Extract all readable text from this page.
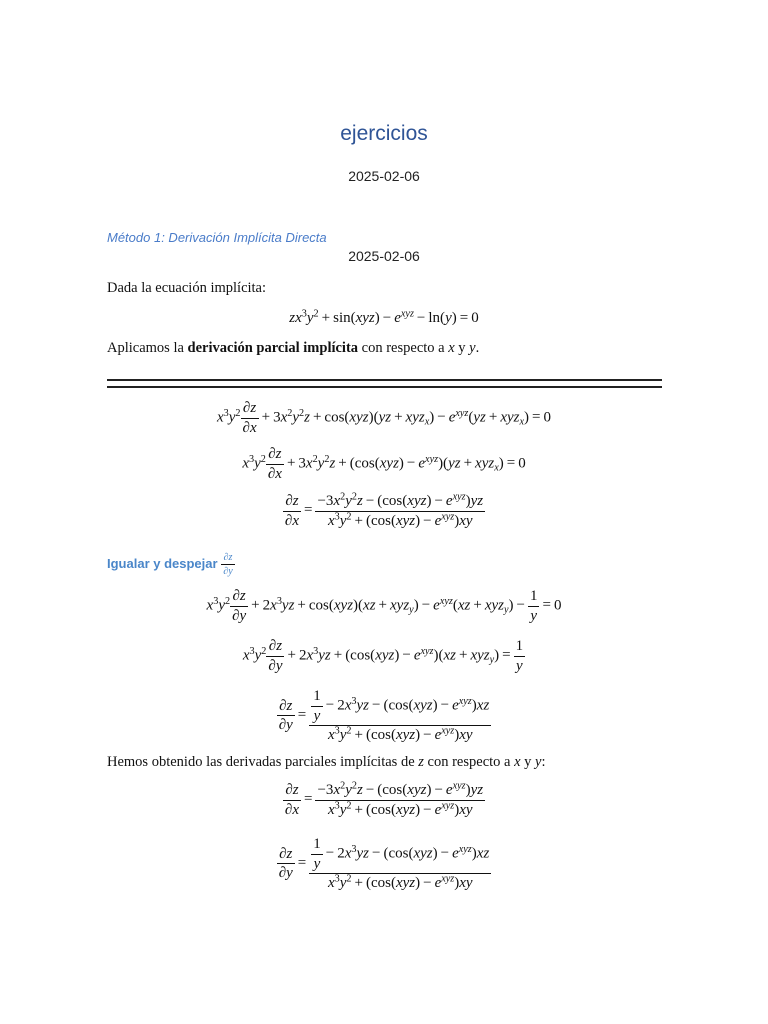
ejercicios
2025-02-06
Método 1: Derivación Implícita Directa
2025-02-06
Dada la ecuación implícita:
$zx^3y^2 + \sin(xyz) - e^{xyz} - \ln(y) = 0$
Aplicamos la derivación parcial implícita con respecto a x y y.
$x^3y^2 \frac{\partial z}{\partial x} + 3x^2y^2z + \cos(xyz)(yz + xyz_x) - e^{xyz}(yz + xyz_x) = 0$
$x^3y^2 \frac{\partial z}{\partial x} + 3x^2y^2z + (\cos(xyz) - e^{xyz})(yz + xyz_x) = 0$
$\frac{\partial z}{\partial x} = \frac{-3x^2y^2z - (\cos(xyz) - e^{xyz})yz}{x^3y^2 + (\cos(xyz) - e^{xyz})xy}$
Igualar y despejar $\frac{\partial z}{\partial y}$
$x^3y^2 \frac{\partial z}{\partial y} + 2x^3yz + \cos(xyz)(xz + xyz_y) - e^{xyz}(xz + xyz_y) - \frac{1}{y} = 0$
$x^3y^2 \frac{\partial z}{\partial y} + 2x^3yz + (\cos(xyz) - e^{xyz})(xz + xyz_y) = \frac{1}{y}$
$\frac{\partial z}{\partial y} = \frac{\frac{1}{y} - 2x^3yz - (\cos(xyz) - e^{xyz})xz}{x^3y^2 + (\cos(xyz) - e^{xyz})xy}$
Hemos obtenido las derivadas parciales implícitas de z con respecto a x y y:
$\frac{\partial z}{\partial x} = \frac{-3x^2y^2z - (\cos(xyz) - e^{xyz})yz}{x^3y^2 + (\cos(xyz) - e^{xyz})xy}$
$\frac{\partial z}{\partial y} = \frac{\frac{1}{y} - 2x^3yz - (\cos(xyz) - e^{xyz})xz}{x^3y^2 + (\cos(xyz) - e^{xyz})xy}$
